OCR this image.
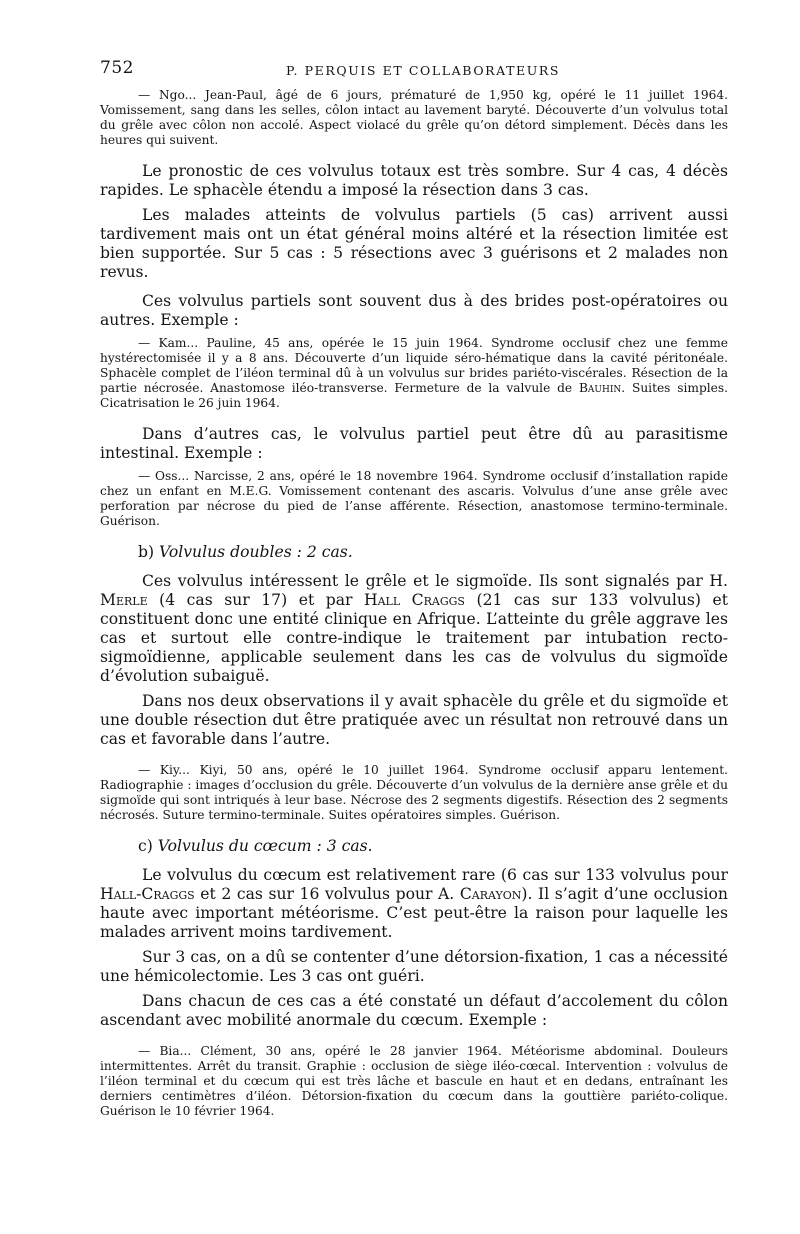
752	P. PERQUIS ET COLLABORATEURS

— Ngo... Jean-Paul, âgé de 6 jours, prématuré de 1,950 kg, opéré le 11 juillet 1964. Vomissement, sang dans les selles, côlon intact au lavement baryté. Découverte d’un volvulus total du grêle avec côlon non accolé. Aspect violacé du grêle qu’on détord simplement. Décès dans les heures qui suivent.

Le pronostic de ces volvulus totaux est très sombre. Sur 4 cas, 4 décès rapides. Le sphacèle étendu a imposé la résection dans 3 cas.

Les malades atteints de volvulus partiels (5 cas) arrivent aussi tardivement mais ont un état général moins altéré et la résection limitée est bien supportée. Sur 5 cas : 5 résections avec 3 guérisons et 2 malades non revus.

Ces volvulus partiels sont souvent dus à des brides post-opératoires ou autres. Exemple :

— Kam... Pauline, 45 ans, opérée le 15 juin 1964. Syndrome occlusif chez une femme hystérectomisée il y a 8 ans. Découverte d’un liquide séro-hématique dans la cavité péritonéale. Sphacèle complet de l’iléon terminal dû à un volvulus sur brides pariéto-viscérales. Résection de la partie nécrosée. Anastomose iléo-transverse. Fermeture de la valvule de Bauhin. Suites simples. Cicatrisation le 26 juin 1964.

Dans d’autres cas, le volvulus partiel peut être dû au parasitisme intestinal. Exemple :

— Oss... Narcisse, 2 ans, opéré le 18 novembre 1964. Syndrome occlusif d’installation rapide chez un enfant en M.E.G. Vomissement contenant des ascaris. Volvulus d’une anse grêle avec perforation par nécrose du pied de l’anse afférente. Résection, anastomose termino-terminale. Guérison.

b) Volvulus doubles : 2 cas.

Ces volvulus intéressent le grêle et le sigmoïde. Ils sont signalés par H. Merle (4 cas sur 17) et par Hall Craggs (21 cas sur 133 volvulus) et constituent donc une entité clinique en Afrique. L’atteinte du grêle aggrave les cas et surtout elle contre-indique le traitement par intubation recto-sigmoïdienne, applicable seulement dans les cas de volvulus du sigmoïde d’évolution subaiguë.

Dans nos deux observations il y avait sphacèle du grêle et du sigmoïde et une double résection dut être pratiquée avec un résultat non retrouvé dans un cas et favorable dans l’autre.

— Kiy... Kiyi, 50 ans, opéré le 10 juillet 1964. Syndrome occlusif apparu lentement. Radiographie : images d’occlusion du grêle. Découverte d’un volvulus de la dernière anse grêle et du sigmoïde qui sont intriqués à leur base. Nécrose des 2 segments digestifs. Résection des 2 segments nécrosés. Suture termino-terminale. Suites opératoires simples. Guérison.

c) Volvulus du cœcum : 3 cas.

Le volvulus du cœcum est relativement rare (6 cas sur 133 volvulus pour Hall-Craggs et 2 cas sur 16 volvulus pour A. Carayon). Il s’agit d’une occlusion haute avec important météorisme. C’est peut-être la raison pour laquelle les malades arrivent moins tardivement.

Sur 3 cas, on a dû se contenter d’une détorsion-fixation, 1 cas a nécessité une hémicolectomie. Les 3 cas ont guéri.

Dans chacun de ces cas a été constaté un défaut d’accolement du côlon ascendant avec mobilité anormale du cœcum. Exemple :

— Bia... Clément, 30 ans, opéré le 28 janvier 1964. Météorisme abdominal. Douleurs intermittentes. Arrêt du transit. Graphie : occlusion de siège iléo-cœcal. Intervention : volvulus de l’iléon terminal et du cœcum qui est très lâche et bascule en haut et en dedans, entraînant les derniers centimètres d’iléon. Détorsion-fixation du cœcum dans la gouttière pariéto-colique. Guérison le 10 février 1964.
